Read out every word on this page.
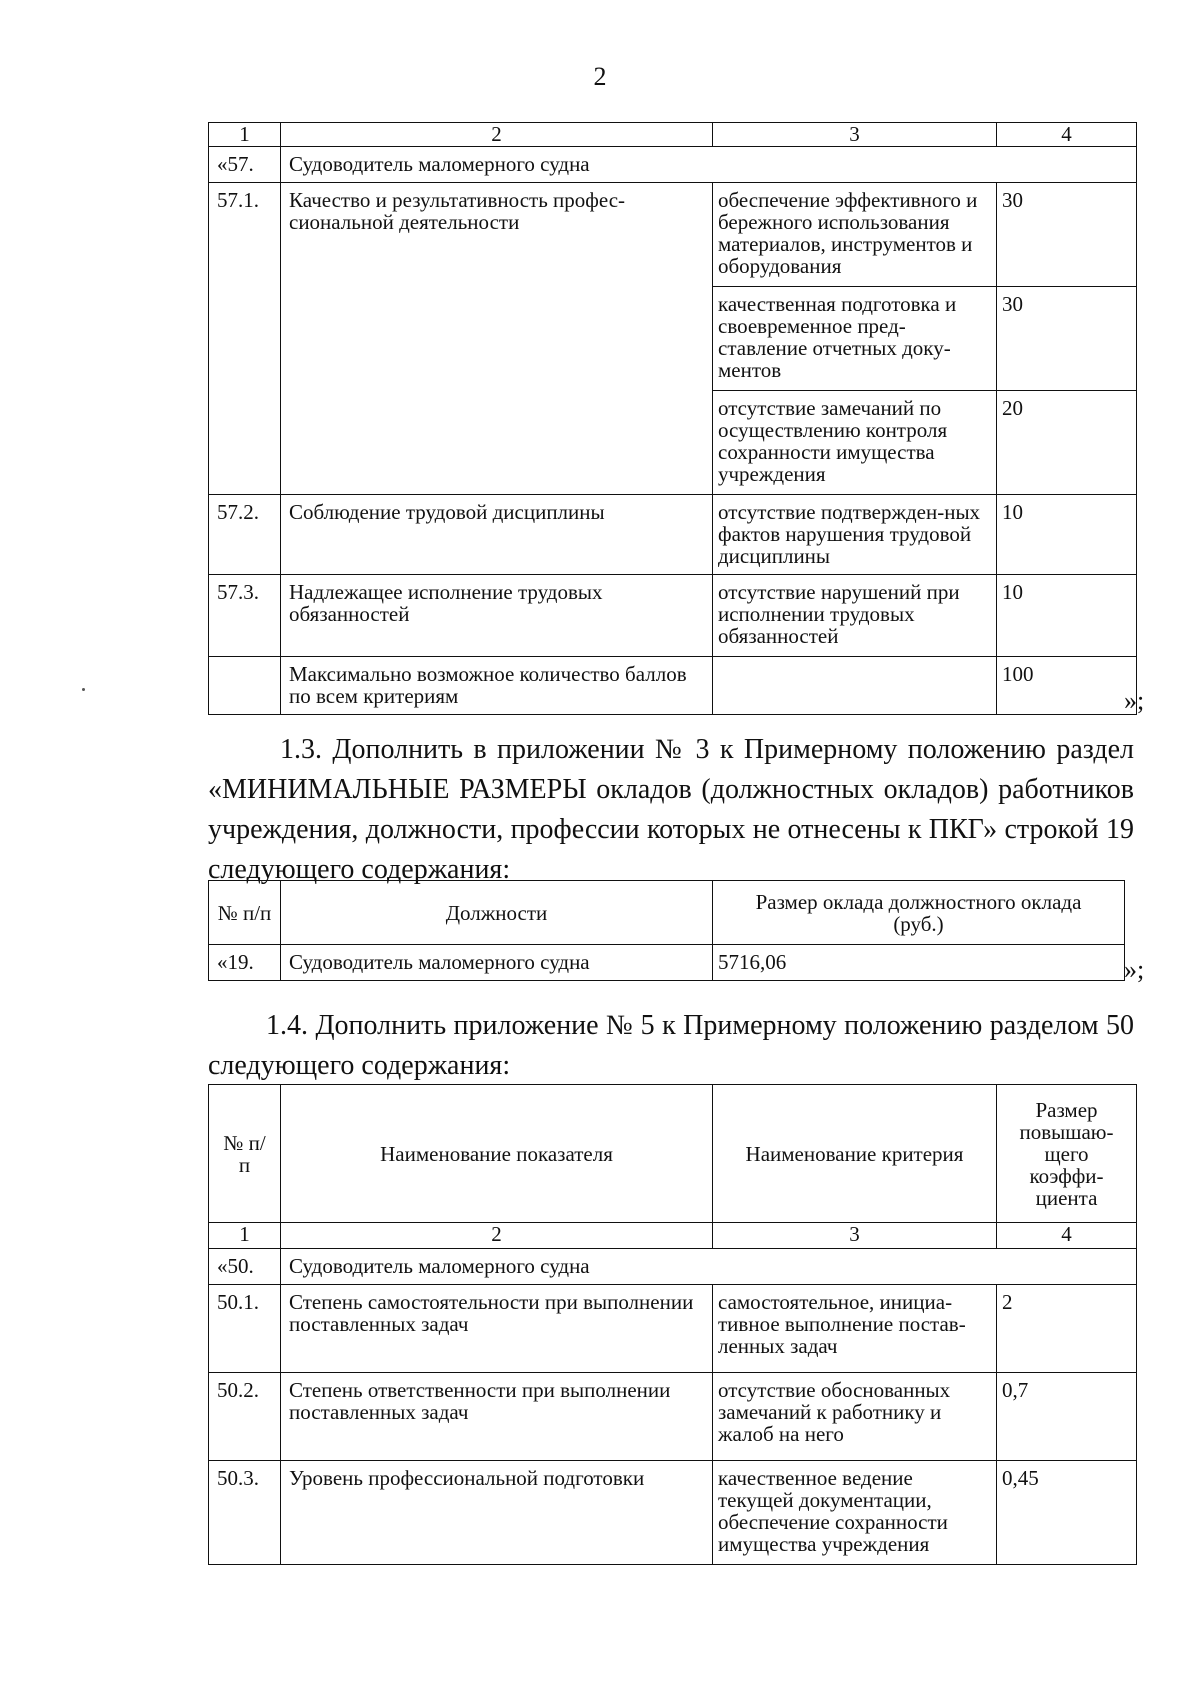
2
1	2	3	4
«57.	Судоводитель маломерного судна		
57.1.	Качество и результативность профес-сиональной деятельности	обеспечение эффективного и бережного использования материалов, инструментов и оборудования	30
		качественная подготовка и своевременное пред-ставление отчетных доку-ментов	30
		отсутствие замечаний по осуществлению контроля сохранности имущества учреждения	20
57.2.	Соблюдение трудовой дисциплины	отсутствие подтвержден-ных фактов нарушения трудовой дисциплины	10
57.3.	Надлежащее исполнение трудовых обязанностей	отсутствие нарушений при исполнении трудовых обязанностей	10
	Максимально возможное количество баллов по всем критериям		100
»;
1.3. Дополнить в приложении № 3 к Примерному положению раздел
«МИНИМАЛЬНЫЕ РАЗМЕРЫ окладов (должностных окладов) работников
учреждения, должности, профессии которых не отнесены к ПКГ» строкой 19
следующего содержания:
№ п/п	Должности	Размер оклада должностного оклада (руб.)
«19.	Судоводитель маломерного судна	5716,06	»;
1.4. Дополнить приложение № 5 к Примерному положению разделом 50
следующего содержания:
№ п/п	Наименование показателя	Наименование критерия	Размер повышаю-щего коэффи-циента
1	2	3	4
«50.	Судоводитель маломерного судна		
50.1.	Степень самостоятельности при выполнении поставленных задач	самостоятельное, инициа-тивное выполнение постав-ленных задач	2
50.2.	Степень ответственности при выполнении поставленных задач	отсутствие обоснованных замечаний к работнику и жалоб на него	0,7
50.3.	Уровень профессиональной подготовки	качественное ведение текущей документации, обеспечение сохранности имущества учреждения	0,45
